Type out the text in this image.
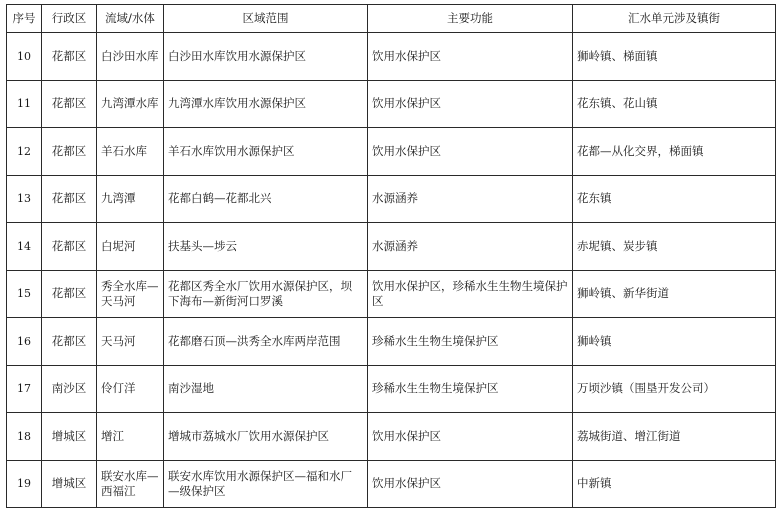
序号	行政区	流域/水体	区域范围	主要功能	汇水单元涉及镇街
10	花都区	白沙田水库	白沙田水库饮用水源保护区	饮用水保护区	狮岭镇、梯面镇
11	花都区	九湾潭水库	九湾潭水库饮用水源保护区	饮用水保护区	花东镇、花山镇
12	花都区	羊石水库	羊石水库饮用水源保护区	饮用水保护区	花都—从化交界，梯面镇
13	花都区	九湾潭	花都白鹤—花都北兴	水源涵养	花东镇
14	花都区	白坭河	扶基头—埗云	水源涵养	赤坭镇、炭步镇
15	花都区	秀全水库—天马河	花都区秀全水厂饮用水源保护区，坝下海布—新街河口罗溪	饮用水保护区，珍稀水生生物生境保护区	狮岭镇、新华街道
16	花都区	天马河	花都磨石顶—洪秀全水库两岸范围	珍稀水生生物生境保护区	狮岭镇
17	南沙区	伶仃洋	南沙湿地	珍稀水生生物生境保护区	万顷沙镇（围垦开发公司）
18	增城区	增江	增城市荔城水厂饮用水源保护区	饮用水保护区	荔城街道、增江街道
19	增城区	联安水库—西福江	联安水库饮用水源保护区—福和水厂—级保护区	饮用水保护区	中新镇
